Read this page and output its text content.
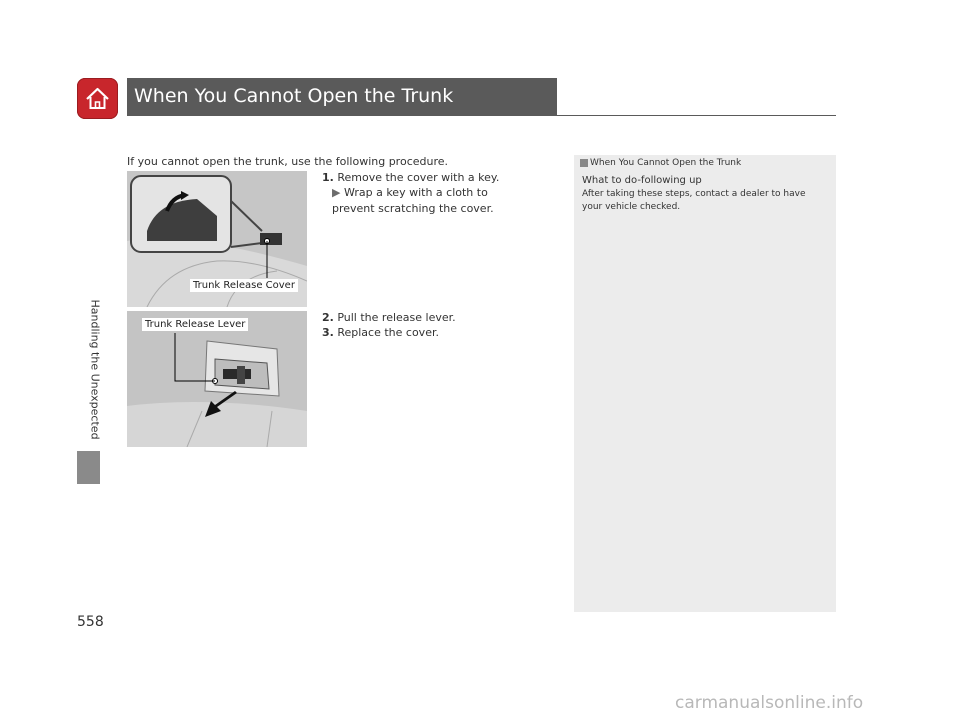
When You Cannot Open the Trunk
Handling the Unexpected
558
If you cannot open the trunk, use the following procedure.
1. Remove the cover with a key.
▶ Wrap a key with a cloth to prevent scratching the cover.
2. Pull the release lever.
3. Replace the cover.
Trunk Release Cover
Trunk Release Lever
When You Cannot Open the Trunk
What to do-following up
After taking these steps, contact a dealer to have your vehicle checked.
carmanualsonline.info
